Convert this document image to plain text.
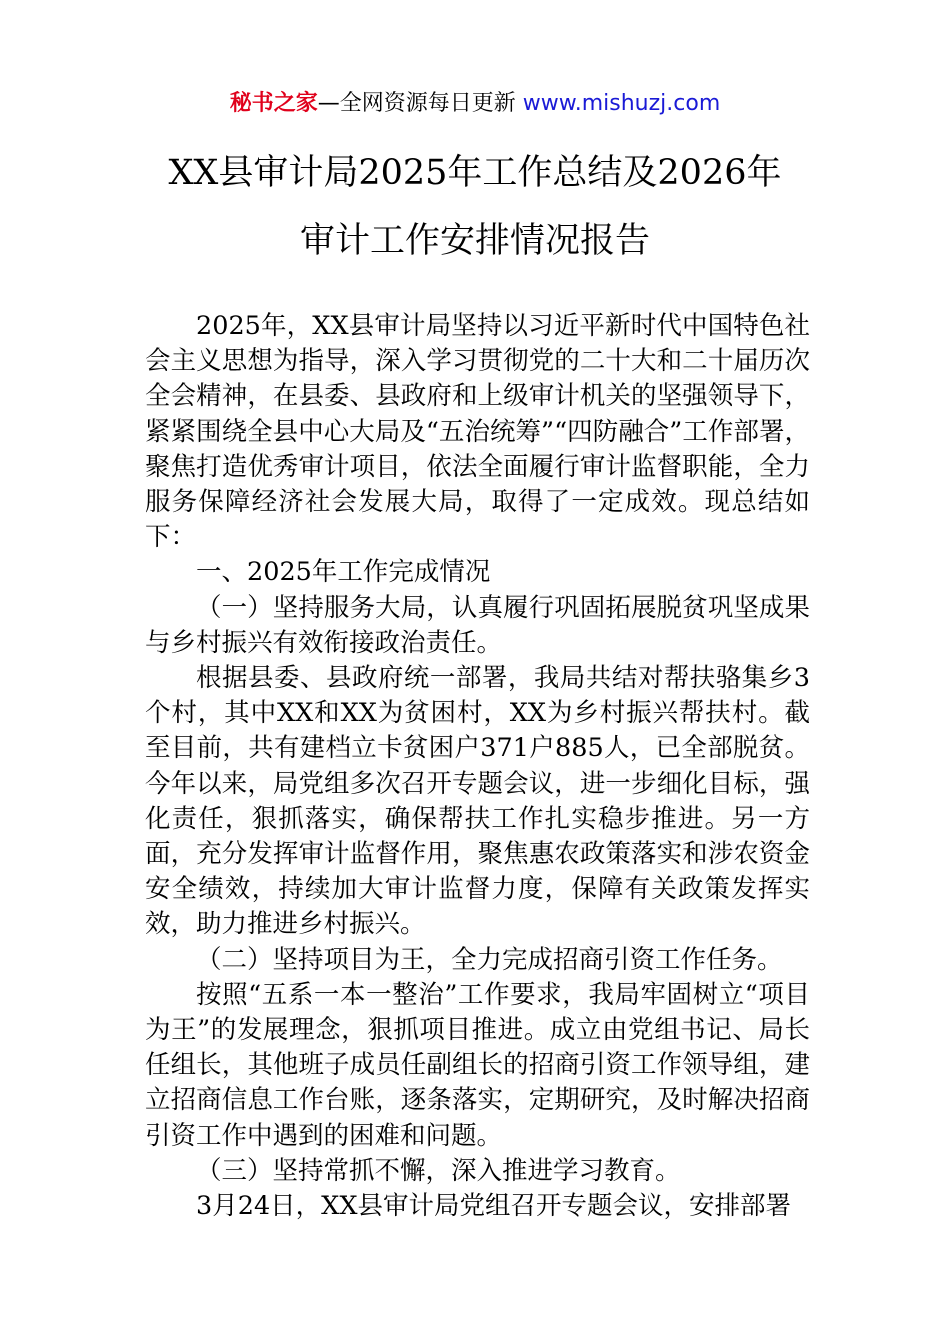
秘书之家—全网资源每日更新 www.mishuzj.com
XX县审计局2025年工作总结及2026年
审计工作安排情况报告

2025年，XX县审计局坚持以习近平新时代中国特色社会主义思想为指导，深入学习贯彻党的二十大和二十届历次全会精神，在县委、县政府和上级审计机关的坚强领导下，紧紧围绕全县中心大局及“五治统筹”“四防融合”工作部署，聚焦打造优秀审计项目，依法全面履行审计监督职能，全力服务保障经济社会发展大局，取得了一定成效。现总结如下：

一、2025年工作完成情况

（一）坚持服务大局，认真履行巩固拓展脱贫巩坚成果与乡村振兴有效衔接政治责任。

根据县委、县政府统一部署，我局共结对帮扶骆集乡3个村，其中XX和XX为贫困村，XX为乡村振兴帮扶村。截至目前，共有建档立卡贫困户371户885人，已全部脱贫。今年以来，局党组多次召开专题会议，进一步细化目标，强化责任，狠抓落实，确保帮扶工作扎实稳步推进。另一方面，充分发挥审计监督作用，聚焦惠农政策落实和涉农资金安全绩效，持续加大审计监督力度，保障有关政策发挥实效，助力推进乡村振兴。

（二）坚持项目为王，全力完成招商引资工作任务。

按照“五系一本一整治”工作要求，我局牢固树立“项目为王”的发展理念，狠抓项目推进。成立由党组书记、局长任组长，其他班子成员任副组长的招商引资工作领导组，建立招商信息工作台账，逐条落实，定期研究，及时解决招商引资工作中遇到的困难和问题。

（三）坚持常抓不懈，深入推进学习教育。

3月24日，XX县审计局党组召开专题会议，安排部署
